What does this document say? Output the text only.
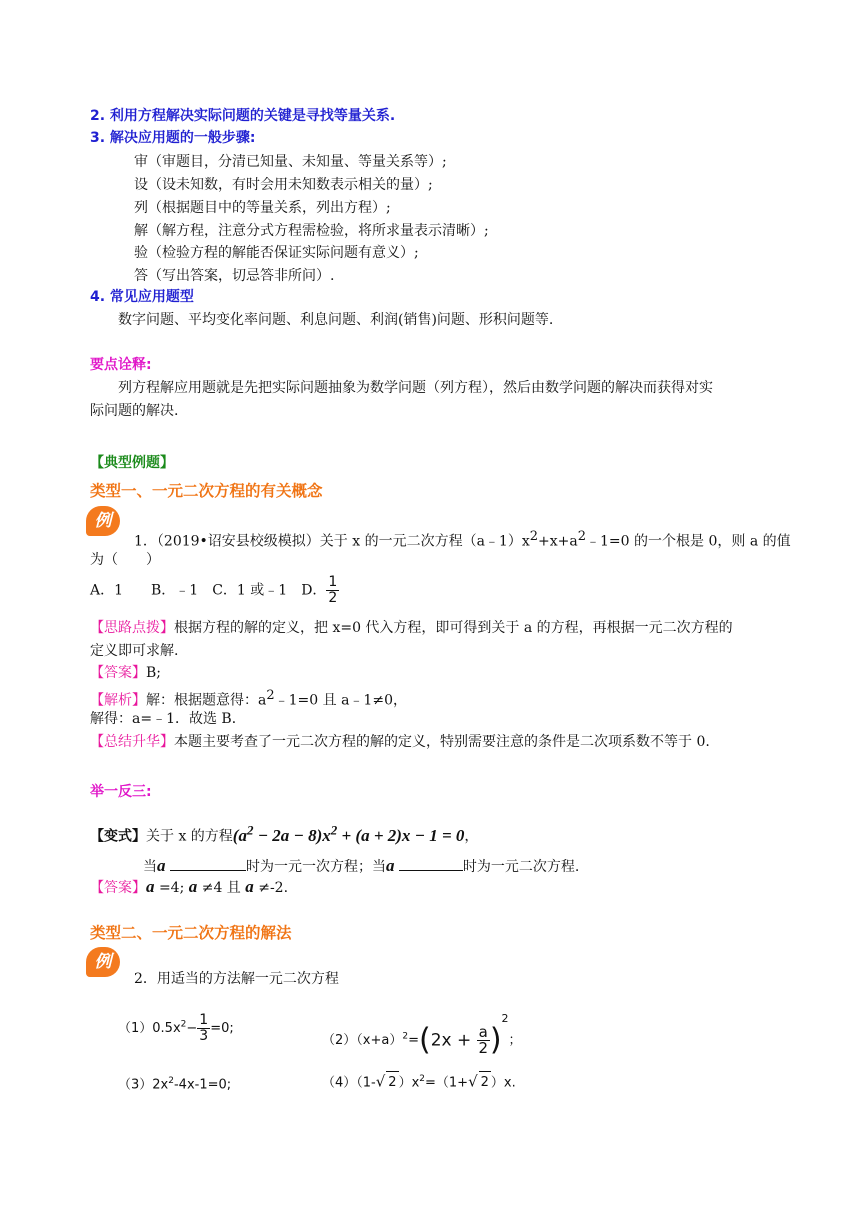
2. 利用方程解决实际问题的关键是寻找等量关系.
3. 解决应用题的一般步骤:
审（审题目，分清已知量、未知量、等量关系等）;
设（设未知数，有时会用未知数表示相关的量）;
列（根据题目中的等量关系，列出方程）;
解（解方程，注意分式方程需检验，将所求量表示清晰）;
验（检验方程的解能否保证实际问题有意义）;
答（写出答案，切忌答非所问）.
4. 常见应用题型
数字问题、平均变化率问题、利息问题、利润(销售)问题、形积问题等.
要点诠释:
列方程解应用题就是先把实际问题抽象为数学问题（列方程），然后由数学问题的解决而获得对实
际问题的解决.
【典型例题】
类型一、一元二次方程的有关概念
例
1．（2019•诏安县校级模拟）关于 x 的一元二次方程$(a﹣1)x^2+x+a^2﹣1=0$ 的一个根是 0，则 a 的值
为（　　）
A．1　　B．﹣1　C．1 或﹣1　D． $\frac{1}{2}$
【思路点拨】根据方程的解的定义，把 x=0 代入方程，即可得到关于 a 的方程，再根据一元二次方程的
定义即可求解.
【答案】B;
【解析】解：根据题意得：$a^2﹣1=0$ 且 a﹣1≠0，
解得：a=﹣1．故选 B．
【总结升华】本题主要考查了一元二次方程的解的定义，特别需要注意的条件是二次项系数不等于 0.
举一反三:
【变式】关于 x 的方程$(a^2 - 2a - 8)x^2 + (a + 2)x - 1 = 0$，
当a	时为一元一次方程；当a	时为一元二次方程.
【答案】a =4; a ≠4 且 a ≠-2.
类型二、一元二次方程的解法
例
2．用适当的方法解一元二次方程
$(1)0.5x^2- \frac{1}{3} =0$;
$(2)(x+a)^2=(2x + \frac{a}{2} )^2$；
$(3)2x^2-4x-1=0$;	（4）（1-√ 2 ）$x^2=(1+√$ 2 ）x.
